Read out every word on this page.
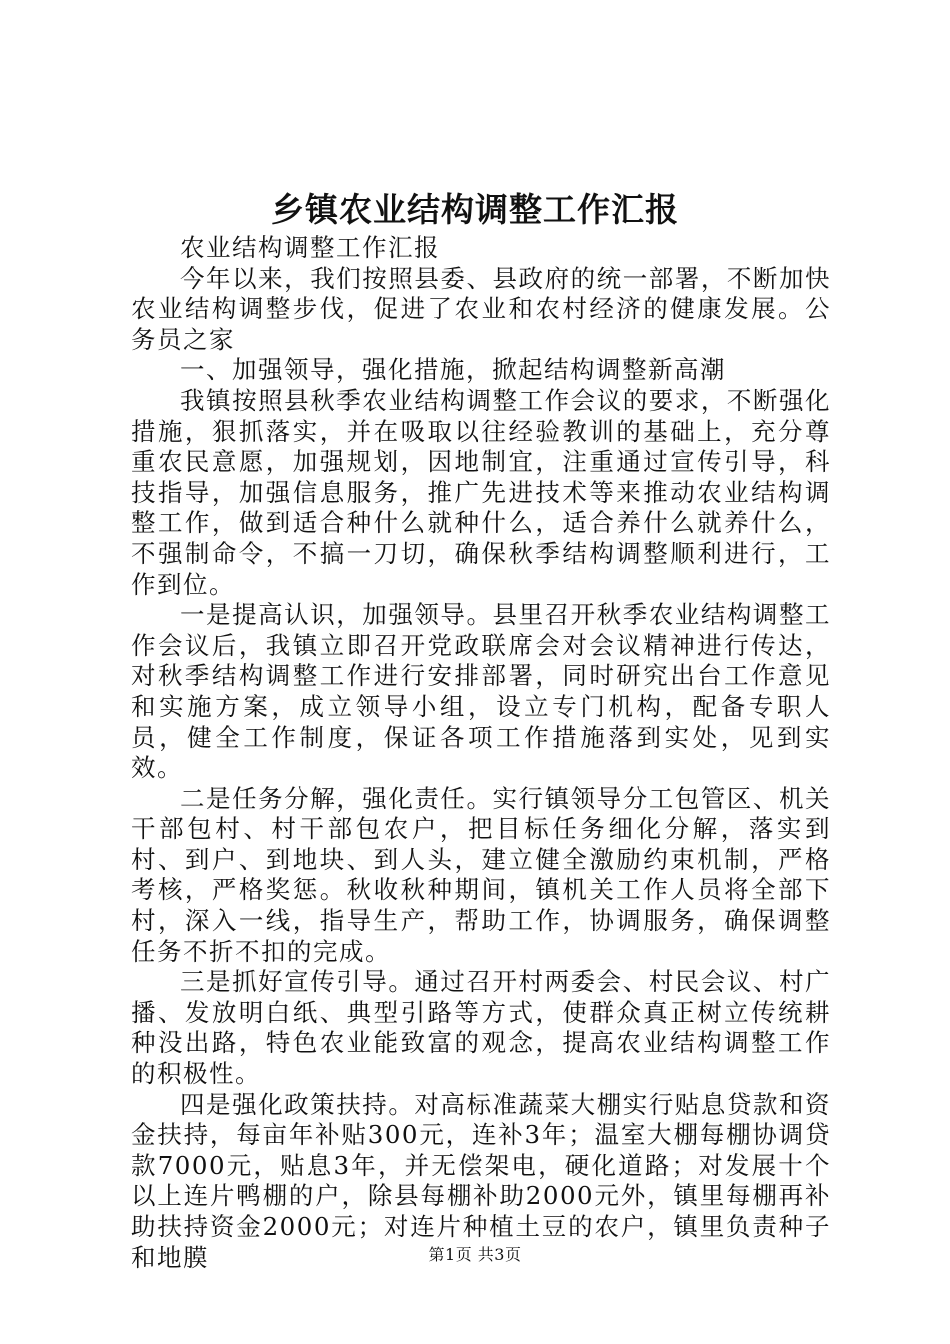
乡镇农业结构调整工作汇报

农业结构调整工作汇报

今年以来，我们按照县委、县政府的统一部署，不断加快农业结构调整步伐，促进了农业和农村经济的健康发展。公务员之家

一、加强领导，强化措施，掀起结构调整新高潮

我镇按照县秋季农业结构调整工作会议的要求，不断强化措施，狠抓落实，并在吸取以往经验教训的基础上，充分尊重农民意愿，加强规划，因地制宜，注重通过宣传引导，科技指导，加强信息服务，推广先进技术等来推动农业结构调整工作，做到适合种什么就种什么，适合养什么就养什么，不强制命令，不搞一刀切，确保秋季结构调整顺利进行，工作到位。

一是提高认识，加强领导。县里召开秋季农业结构调整工作会议后，我镇立即召开党政联席会对会议精神进行传达，对秋季结构调整工作进行安排部署，同时研究出台工作意见和实施方案，成立领导小组，设立专门机构，配备专职人员，健全工作制度，保证各项工作措施落到实处，见到实效。

二是任务分解，强化责任。实行镇领导分工包管区、机关干部包村、村干部包农户，把目标任务细化分解，落实到村、到户、到地块、到人头，建立健全激励约束机制，严格考核，严格奖惩。秋收秋种期间，镇机关工作人员将全部下村，深入一线，指导生产，帮助工作，协调服务，确保调整任务不折不扣的完成。

三是抓好宣传引导。通过召开村两委会、村民会议、村广播、发放明白纸、典型引路等方式，使群众真正树立传统耕种没出路，特色农业能致富的观念，提高农业结构调整工作的积极性。

四是强化政策扶持。对高标准蔬菜大棚实行贴息贷款和资金扶持，每亩年补贴300元，连补3年；温室大棚每棚协调贷款7000元，贴息3年，并无偿架电，硬化道路；对发展十个以上连片鸭棚的户，除县每棚补助2000元外，镇里每棚再补助扶持资金2000元；对连片种植土豆的农户，镇里负责种子和地膜	第1页 共3页
